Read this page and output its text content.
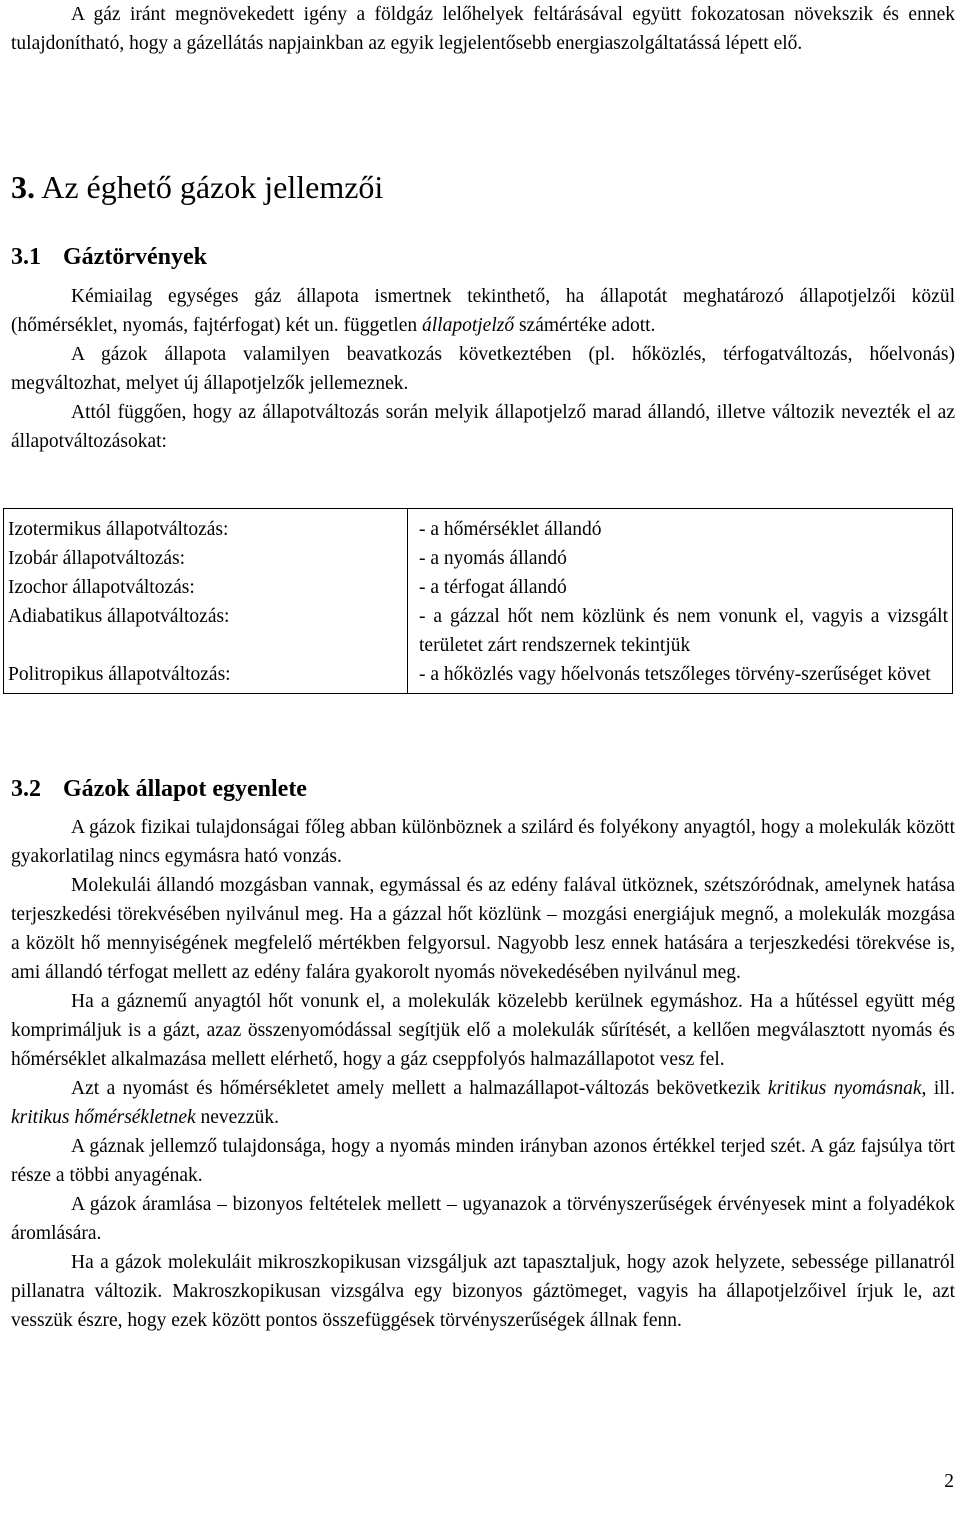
A gáz iránt megnövekedett igény a földgáz lelőhelyek feltárásával együtt fokozatosan növekszik és ennek tulajdonítható, hogy a gázellátás napjainkban az egyik legjelentősebb energiaszolgáltatássá lépett elő.

3. Az éghető gázok jellemzői
3.1 Gáztörvények

Kémiailag egységes gáz állapota ismertnek tekinthető, ha állapotát meghatározó állapotjelzői közül (hőmérséklet, nyomás, fajtérfogat) két un. független állapotjelző számértéke adott.

A gázok állapota valamilyen beavatkozás következtében (pl. hőközlés, térfogatváltozás, hőelvonás) megváltozhat, melyet új állapotjelzők jellemeznek.

Attól függően, hogy az állapotváltozás során melyik állapotjelző marad állandó, illetve változik nevezték el az állapotváltozásokat:

Izotermikus állapotváltozás:	- a hőmérséklet állandó
Izobár állapotváltozás:	- a nyomás állandó
Izochor állapotváltozás:	- a térfogat állandó
Adiabatikus állapotváltozás:	- a gázzal hőt nem közlünk és nem vonunk el, vagyis a vizsgált területet zárt rendszernek tekintjük
Politropikus állapotváltozás:	- a hőközlés vagy hőelvonás tetszőleges törvény-szerűséget követ
3.2 Gázok állapot egyenlete

A gázok fizikai tulajdonságai főleg abban különböznek a szilárd és folyékony anyagtól, hogy a molekulák között gyakorlatilag nincs egymásra ható vonzás.

Molekulái állandó mozgásban vannak, egymással és az edény falával ütköznek, szétszóródnak, amelynek hatása terjeszkedési törekvésében nyilvánul meg. Ha a gázzal hőt közlünk – mozgási energiájuk megnő, a molekulák mozgása a közölt hő mennyiségének megfelelő mértékben felgyorsul. Nagyobb lesz ennek hatására a terjeszkedési törekvése is, ami állandó térfogat mellett az edény falára gyakorolt nyomás növekedésében nyilvánul meg.

Ha a gáznemű anyagtól hőt vonunk el, a molekulák közelebb kerülnek egymáshoz. Ha a hűtéssel együtt még komprimáljuk is a gázt, azaz összenyomódással segítjük elő a molekulák sűrítését, a kellően megválasztott nyomás és hőmérséklet alkalmazása mellett elérhető, hogy a gáz cseppfolyós halmazállapotot vesz fel.

Azt a nyomást és hőmérsékletet amely mellett a halmazállapot-változás bekövetkezik kritikus nyomásnak, ill. kritikus hőmérsékletnek nevezzük.

A gáznak jellemző tulajdonsága, hogy a nyomás minden irányban azonos értékkel terjed szét. A gáz fajsúlya tört része a többi anyagénak.

A gázok áramlása – bizonyos feltételek mellett – ugyanazok a törvényszerűségek érvényesek mint a folyadékok áromlására.

Ha a gázok molekuláit mikroszkopikusan vizsgáljuk azt tapasztaljuk, hogy azok helyzete, sebessége pillanatról pillanatra változik. Makroszkopikusan vizsgálva egy bizonyos gáztömeget, vagyis ha állapotjelzőivel írjuk le, azt vesszük észre, hogy ezek között pontos összefüggések törvényszerűségek állnak fenn.

2
